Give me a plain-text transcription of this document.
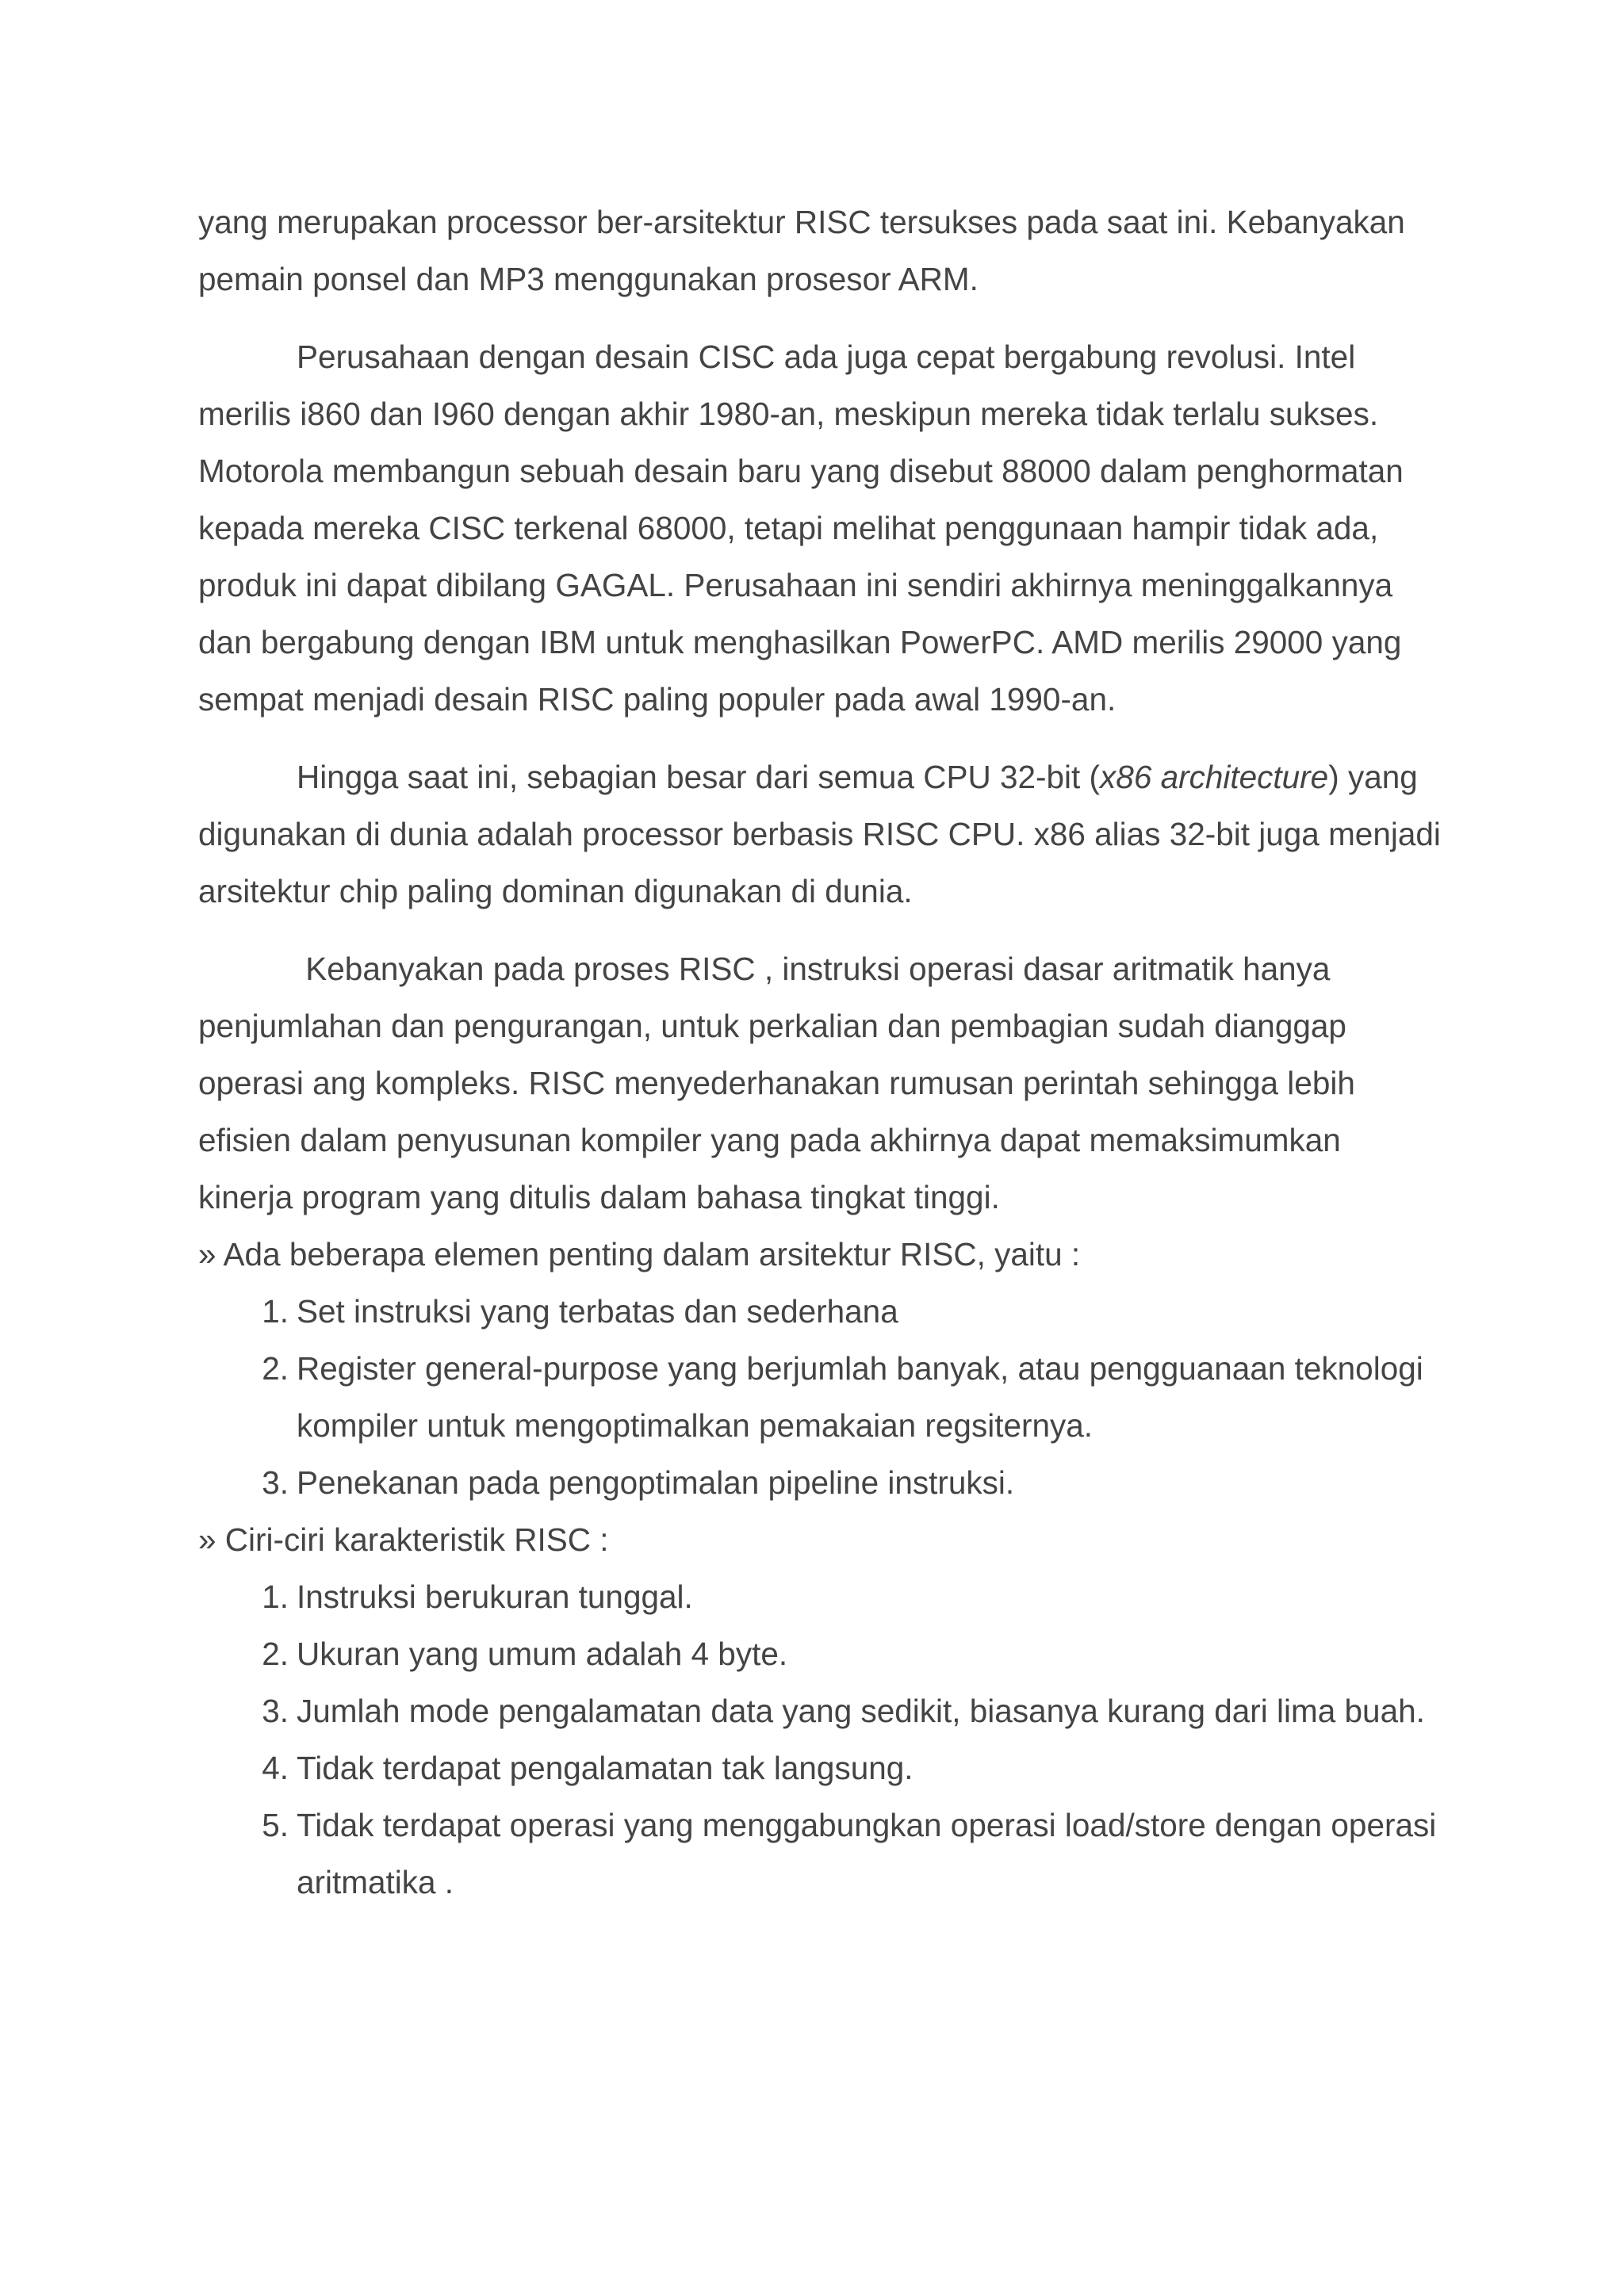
yang merupakan processor ber-arsitektur RISC tersukses pada saat ini. Kebanyakan pemain ponsel dan MP3 menggunakan prosesor ARM.

Perusahaan dengan desain CISC ada juga cepat bergabung revolusi. Intel merilis i860 dan I960 dengan akhir 1980-an, meskipun mereka tidak terlalu sukses. Motorola membangun sebuah desain baru yang disebut 88000 dalam penghormatan kepada mereka CISC terkenal 68000, tetapi melihat penggunaan hampir tidak ada, produk ini dapat dibilang GAGAL. Perusahaan ini sendiri akhirnya meninggalkannya dan bergabung dengan IBM untuk menghasilkan PowerPC. AMD merilis 29000 yang sempat menjadi desain RISC paling populer pada awal 1990-an.

Hingga saat ini, sebagian besar dari semua CPU 32-bit (x86 architecture) yang digunakan di dunia adalah processor berbasis RISC CPU. x86 alias 32-bit juga menjadi arsitektur chip paling dominan digunakan di dunia.

Kebanyakan pada proses RISC , instruksi operasi dasar aritmatik hanya penjumlahan dan pengurangan, untuk perkalian dan pembagian sudah dianggap operasi ang kompleks. RISC menyederhanakan rumusan perintah sehingga lebih efisien dalam penyusunan kompiler yang pada akhirnya dapat memaksimumkan kinerja program yang ditulis dalam bahasa tingkat tinggi.

» Ada beberapa elemen penting dalam arsitektur RISC, yaitu :

1. Set instruksi yang terbatas dan sederhana
2. Register general-purpose yang berjumlah banyak, atau pengguanaan teknologi kompiler untuk mengoptimalkan pemakaian regsiternya.
3. Penekanan pada pengoptimalan pipeline instruksi.

» Ciri-ciri karakteristik RISC :

1. Instruksi berukuran tunggal.
2. Ukuran yang umum adalah 4 byte.
3. Jumlah mode pengalamatan data yang sedikit, biasanya kurang dari lima buah.
4. Tidak terdapat pengalamatan tak langsung.
5. Tidak terdapat operasi yang menggabungkan operasi load/store dengan operasi aritmatika .
